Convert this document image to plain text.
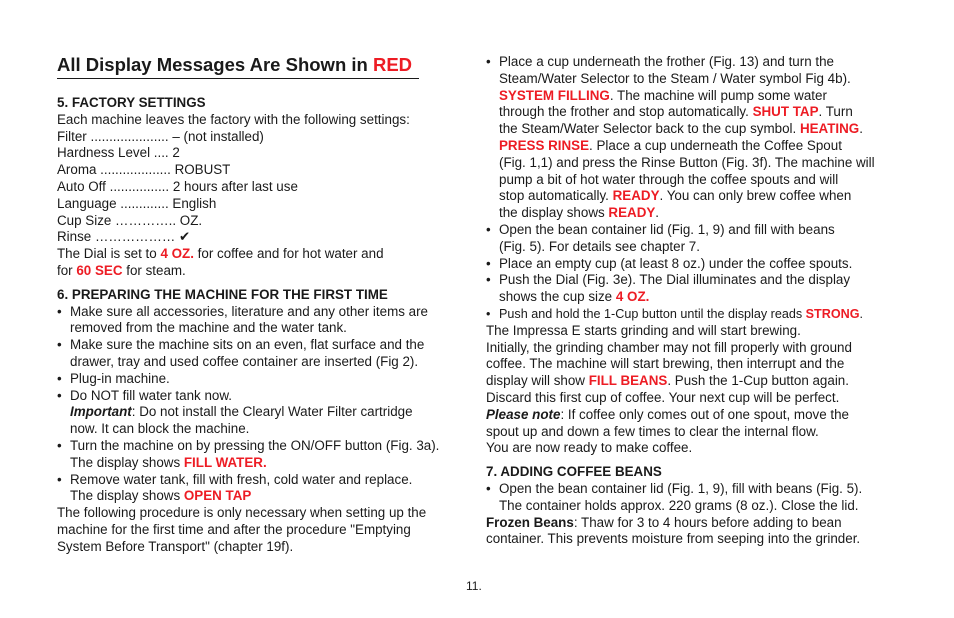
All Display Messages Are Shown in RED
5. FACTORY SETTINGS
Each machine leaves the factory with the following settings:
Filter ..................... – (not installed)
Hardness Level .... 2
Aroma ................... ROBUST
Auto Off ................ 2 hours after last use
Language ............. English
Cup Size ………….. OZ.
Rinse ……………… ✔
The Dial is set to 4 OZ. for coffee and for hot water and
for 60 SEC for steam.
6. PREPARING THE MACHINE FOR THE FIRST TIME
• Make sure all accessories, literature and any other items are
removed from the machine and the water tank.
• Make sure the machine sits on an even, flat surface and the
drawer, tray and used coffee container are inserted (Fig 2).
• Plug-in machine.
• Do NOT fill water tank now.
Important: Do not install the Clearyl Water Filter cartridge
now. It can block the machine.
• Turn the machine on by pressing the ON/OFF button (Fig. 3a).
The display shows FILL WATER.
• Remove water tank, fill with fresh, cold water and replace.
The display shows OPEN TAP
The following procedure is only necessary when setting up the
machine for the first time and after the procedure "Emptying
System Before Transport" (chapter 19f).
• Place a cup underneath the frother (Fig. 13) and turn the
Steam/Water Selector to the Steam / Water symbol Fig 4b).
SYSTEM FILLING. The machine will pump some water
through the frother and stop automatically. SHUT TAP. Turn
the Steam/Water Selector back to the cup symbol. HEATING.
PRESS RINSE. Place a cup underneath the Coffee Spout
(Fig. 1,1) and press the Rinse Button (Fig. 3f). The machine will
pump a bit of hot water through the coffee spouts and will
stop automatically. READY. You can only brew coffee when
the display shows READY.
• Open the bean container lid (Fig. 1, 9) and fill with beans
(Fig. 5). For details see chapter 7.
• Place an empty cup (at least 8 oz.) under the coffee spouts.
• Push the Dial (Fig. 3e). The Dial illuminates and the display
shows the cup size 4 OZ.
• Push and hold the 1-Cup button until the display reads STRONG.
The Impressa E starts grinding and will start brewing.
Initially, the grinding chamber may not fill properly with ground
coffee. The machine will start brewing, then interrupt and the
display will show FILL BEANS. Push the 1-Cup button again.
Discard this first cup of coffee. Your next cup will be perfect.
Please note: If coffee only comes out of one spout, move the
spout up and down a few times to clear the internal flow.
You are now ready to make coffee.
7. ADDING COFFEE BEANS
• Open the bean container lid (Fig. 1, 9), fill with beans (Fig. 5).
The container holds approx. 220 grams (8 oz.). Close the lid.
Frozen Beans: Thaw for 3 to 4 hours before adding to bean
container. This prevents moisture from seeping into the grinder.
11.
